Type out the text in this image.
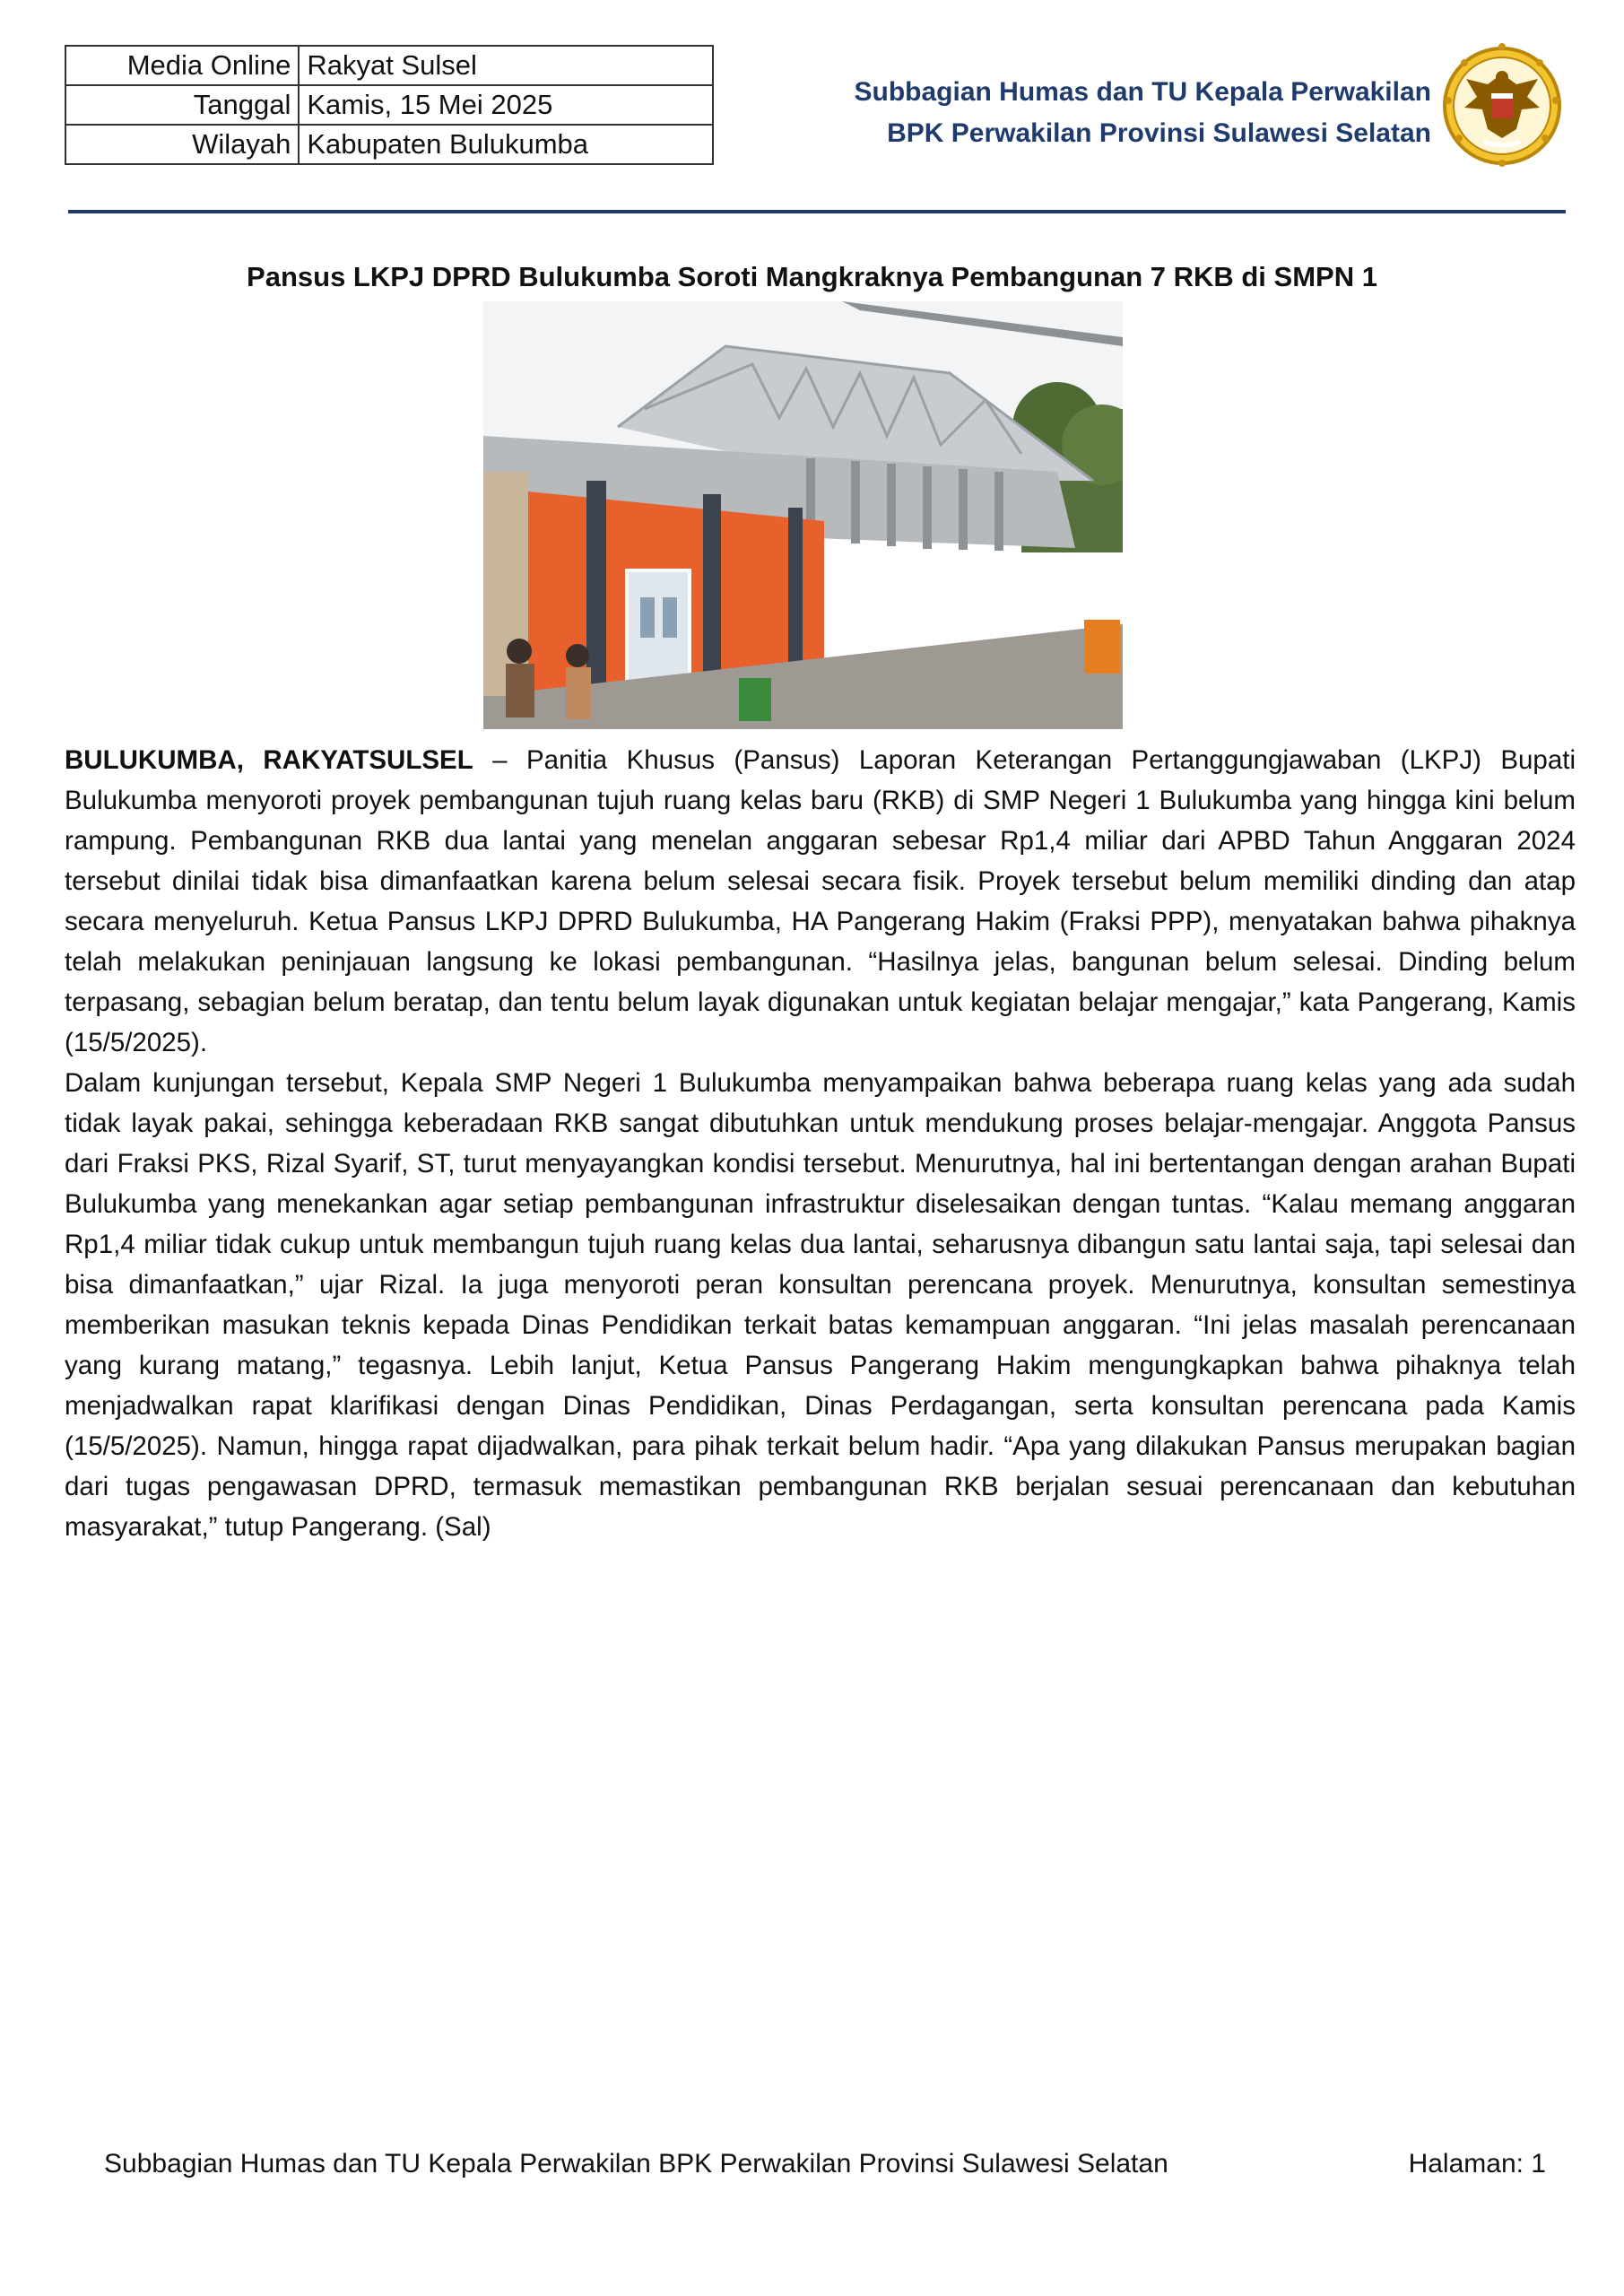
Media Online	Rakyat Sulsel
Tanggal	Kamis, 15 Mei 2025
Wilayah	Kabupaten Bulukumba
Subbagian Humas dan TU Kepala Perwakilan
BPK Perwakilan Provinsi Sulawesi Selatan
Pansus LKPJ DPRD Bulukumba Soroti Mangkraknya Pembangunan 7 RKB di SMPN 1

BULUKUMBA, RAKYATSULSEL – Panitia Khusus (Pansus) Laporan Keterangan Pertanggungjawaban (LKPJ) Bupati Bulukumba menyoroti proyek pembangunan tujuh ruang kelas baru (RKB) di SMP Negeri 1 Bulukumba yang hingga kini belum rampung. Pembangunan RKB dua lantai yang menelan anggaran sebesar Rp1,4 miliar dari APBD Tahun Anggaran 2024 tersebut dinilai tidak bisa dimanfaatkan karena belum selesai secara fisik. Proyek tersebut belum memiliki dinding dan atap secara menyeluruh. Ketua Pansus LKPJ DPRD Bulukumba, HA Pangerang Hakim (Fraksi PPP), menyatakan bahwa pihaknya telah melakukan peninjauan langsung ke lokasi pembangunan. “Hasilnya jelas, bangunan belum selesai. Dinding belum terpasang, sebagian belum beratap, dan tentu belum layak digunakan untuk kegiatan belajar mengajar,” kata Pangerang, Kamis (15/5/2025).

Dalam kunjungan tersebut, Kepala SMP Negeri 1 Bulukumba menyampaikan bahwa beberapa ruang kelas yang ada sudah tidak layak pakai, sehingga keberadaan RKB sangat dibutuhkan untuk mendukung proses belajar-mengajar. Anggota Pansus dari Fraksi PKS, Rizal Syarif, ST, turut menyayangkan kondisi tersebut. Menurutnya, hal ini bertentangan dengan arahan Bupati Bulukumba yang menekankan agar setiap pembangunan infrastruktur diselesaikan dengan tuntas. “Kalau memang anggaran Rp1,4 miliar tidak cukup untuk membangun tujuh ruang kelas dua lantai, seharusnya dibangun satu lantai saja, tapi selesai dan bisa dimanfaatkan,” ujar Rizal. Ia juga menyoroti peran konsultan perencana proyek. Menurutnya, konsultan semestinya memberikan masukan teknis kepada Dinas Pendidikan terkait batas kemampuan anggaran. “Ini jelas masalah perencanaan yang kurang matang,” tegasnya. Lebih lanjut, Ketua Pansus Pangerang Hakim mengungkapkan bahwa pihaknya telah menjadwalkan rapat klarifikasi dengan Dinas Pendidikan, Dinas Perdagangan, serta konsultan perencana pada Kamis (15/5/2025). Namun, hingga rapat dijadwalkan, para pihak terkait belum hadir. “Apa yang dilakukan Pansus merupakan bagian dari tugas pengawasan DPRD, termasuk memastikan pembangunan RKB berjalan sesuai perencanaan dan kebutuhan masyarakat,” tutup Pangerang. (Sal)

Subbagian Humas dan TU Kepala Perwakilan BPK Perwakilan Provinsi Sulawesi Selatan	Halaman: 1
